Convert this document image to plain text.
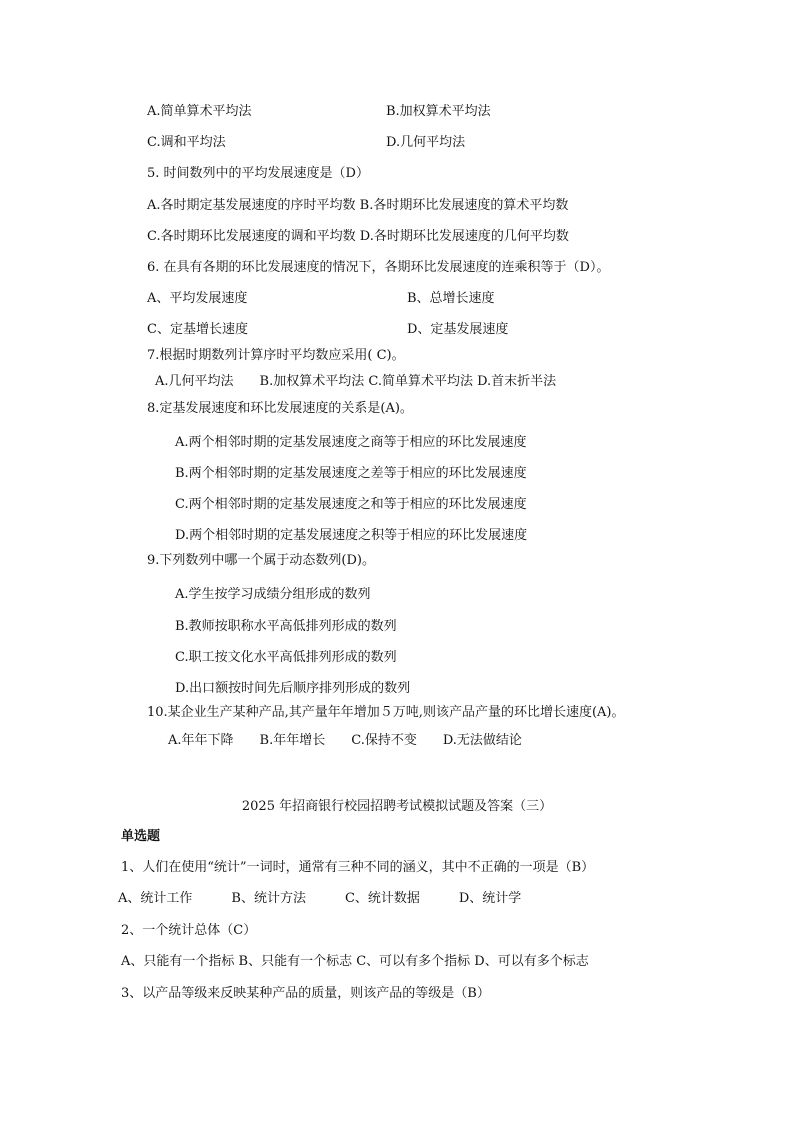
A.简单算术平均法	B.加权算术平均法
C.调和平均法	D.几何平均法
5. 时间数列中的平均发展速度是（D）
A.各时期定基发展速度的序时平均数 B.各时期环比发展速度的算术平均数
C.各时期环比发展速度的调和平均数 D.各时期环比发展速度的几何平均数
6. 在具有各期的环比发展速度的情况下，各期环比发展速度的连乘积等于（D）。
A、平均发展速度	B、总增长速度
C、定基增长速度	D、定基发展速度
7.根据时期数列计算序时平均数应采用( C)。
A.几何平均法　　B.加权算术平均法 C.简单算术平均法 D.首末折半法
8.定基发展速度和环比发展速度的关系是(A)。
A.两个相邻时期的定基发展速度之商等于相应的环比发展速度
B.两个相邻时期的定基发展速度之差等于相应的环比发展速度
C.两个相邻时期的定基发展速度之和等于相应的环比发展速度
D.两个相邻时期的定基发展速度之积等于相应的环比发展速度
9.下列数列中哪一个属于动态数列(D)。
A.学生按学习成绩分组形成的数列
B.教师按职称水平高低排列形成的数列
C.职工按文化水平高低排列形成的数列
D.出口额按时间先后顺序排列形成的数列
10.某企业生产某种产品,其产量年年增加５万吨,则该产品产量的环比增长速度(A)。
A.年年下降　　B.年年增长　　C.保持不变　　D.无法做结论
2025 年招商银行校园招聘考试模拟试题及答案（三）
单选题
1、人们在使用“统计”一词时，通常有三种不同的涵义，其中不正确的一项是（B）
A、统计工作　　　B、统计方法　　　C、统计数据　　　D、统计学
2、一个统计总体（C）
A、只能有一个指标 B、只能有一个标志 C、可以有多个指标 D、可以有多个标志
3、以产品等级来反映某种产品的质量，则该产品的等级是（B）
